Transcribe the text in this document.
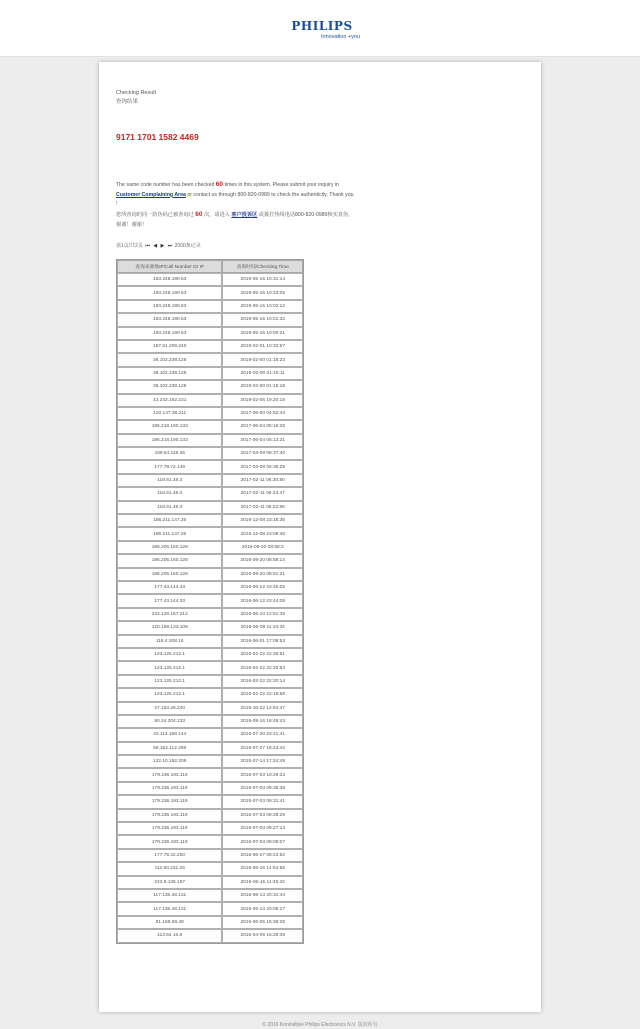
PHILIPS
Innovation +you
Checking Result
查询结果
9171 1701 1582 4469
The same code number has been checked 60 times in this system. Please submit your inquiry in Customer Complaining Area or contact us through 800-820-0989 to check the authenticity. Thank you !
您所查询的同一防伪码已被查询过 60 次，请进入 客户投诉区 或拨打热线电话800-820-0989核实真伪，谢谢！谢谢！
第1页/共2页 ⏮ ◀ ▶ ⏭ 2000条记录
查询来源地IP/Call Number Or IP	查询时间/Checking Time
183.248.190.63	2019-05-15 10:31:14
183.248.190.63	2019-05-15 10:23:05
183.248.190.63	2019-05-15 10:02:12
183.248.190.63	2019-05-15 10:01:32
183.248.190.63	2019-05-15 10:00:21
157.61.208.240	2019-02-01 10:32:57
36.102.238.128	2019-02-00 01:16:23
36.102.238.128	2019-02-00 01:16:11
36.102.238.128	2019-02-00 01:15:18
43.242.152.231	2019-02-05 19:20:18
120.147.38.211	2017-06-00 04:52:44
186.218.190.133	2017-06-04 05:16:28
186.218.190.133	2017-06-04 05:13:21
169.54.118.36	2017-03-09 08:37:40
177.79.72.149	2017-03-09 06:35:29
118.61.48.3	2017-02-11 06:30:80
118.61.48.3	2017-02-11 06:24:47
118.61.48.3	2017-02-11 06:22:85
186.211.147.26	2016-12-08 23:18:36
186.211.147.26	2016-12-08 23:08:46
186.205.160.128	2016-09-20 08:58:3
186.205.160.128	2016-09-20 08:58:14
186.205.160.128	2016-09-20 08:51:21
177.43.144.33	2016-06-12 23:46:05
177.43.144.33	2016-06-12 23:44:08
222.128.187.212	2016-06-10 12:51:38
120.158.133.108	2016-06-09 11:10:34
118.4.208.16	2016-06-01 17:08:53
123.125.212.1	2016-02-22 22:26:51
123.125.212.1	2016-02-22 22:20:53
123.125.212.1	2016-02-22 22:20:14
123.125.212.1	2016-02-22 22:19:58
27.153.26.240	2015-10-22 12:54:47
80.24.204.233	2015-09-16 18:48:43
43.114.198.144	2015-07-20 23:41:41
58.162.112.299	2015-07-27 18:43:42
122.10.152.209	2015-07-14 17:24:49
179.236.193.119	2015-07-03 10:29:23
179.236.193.119	2015-07-03 09:35:38
179.236.193.119	2015-07-03 09:31:41
179.236.193.119	2015-07-03 09:28:29
179.236.193.119	2015-07-03 09:27:14
179.236.193.119	2015-07-03 09:09:07
177.79.22.250	2015-06-27 08:43:52
112.80.231.26	2015-06-16 14:54:58
223.9.135.187	2015-06-15 11:45:32
117.136.48.131	2015-06-13 20:34:44
117.136.48.131	2015-06-13 20:05:17
81.168.58.49	2015-06-05 15:38:29
113.64.16.8	2015-04-05 15:29:39
© 2016 Koninklijke Philips Electronics N.V. 版权所有
